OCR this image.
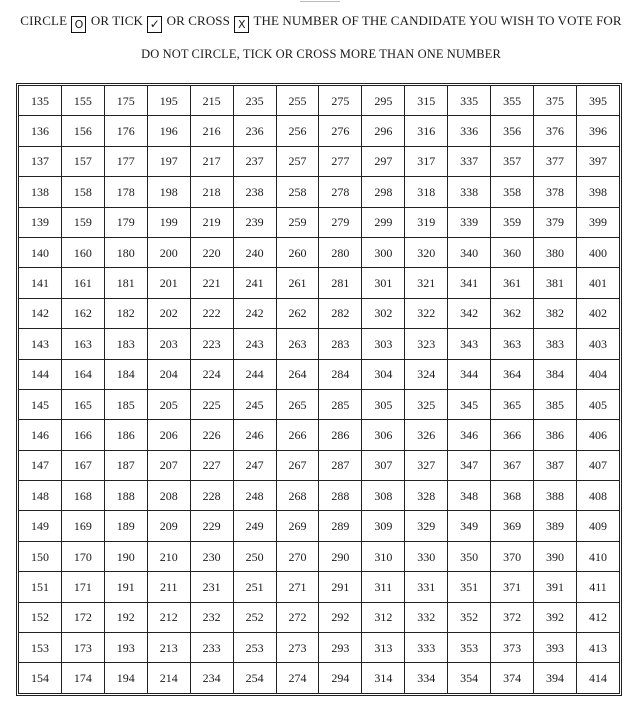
CIRCLE O OR TICK ✓ OR CROSS X THE NUMBER OF THE CANDIDATE YOU WISH TO VOTE FOR
DO NOT CIRCLE, TICK OR CROSS MORE THAN ONE NUMBER
135	155	175	195	215	235	255	275	295	315	335	355	375	395
136	156	176	196	216	236	256	276	296	316	336	356	376	396
137	157	177	197	217	237	257	277	297	317	337	357	377	397
138	158	178	198	218	238	258	278	298	318	338	358	378	398
139	159	179	199	219	239	259	279	299	319	339	359	379	399
140	160	180	200	220	240	260	280	300	320	340	360	380	400
141	161	181	201	221	241	261	281	301	321	341	361	381	401
142	162	182	202	222	242	262	282	302	322	342	362	382	402
143	163	183	203	223	243	263	283	303	323	343	363	383	403
144	164	184	204	224	244	264	284	304	324	344	364	384	404
145	165	185	205	225	245	265	285	305	325	345	365	385	405
146	166	186	206	226	246	266	286	306	326	346	366	386	406
147	167	187	207	227	247	267	287	307	327	347	367	387	407
148	168	188	208	228	248	268	288	308	328	348	368	388	408
149	169	189	209	229	249	269	289	309	329	349	369	389	409
150	170	190	210	230	250	270	290	310	330	350	370	390	410
151	171	191	211	231	251	271	291	311	331	351	371	391	411
152	172	192	212	232	252	272	292	312	332	352	372	392	412
153	173	193	213	233	253	273	293	313	333	353	373	393	413
154	174	194	214	234	254	274	294	314	334	354	374	394	414
